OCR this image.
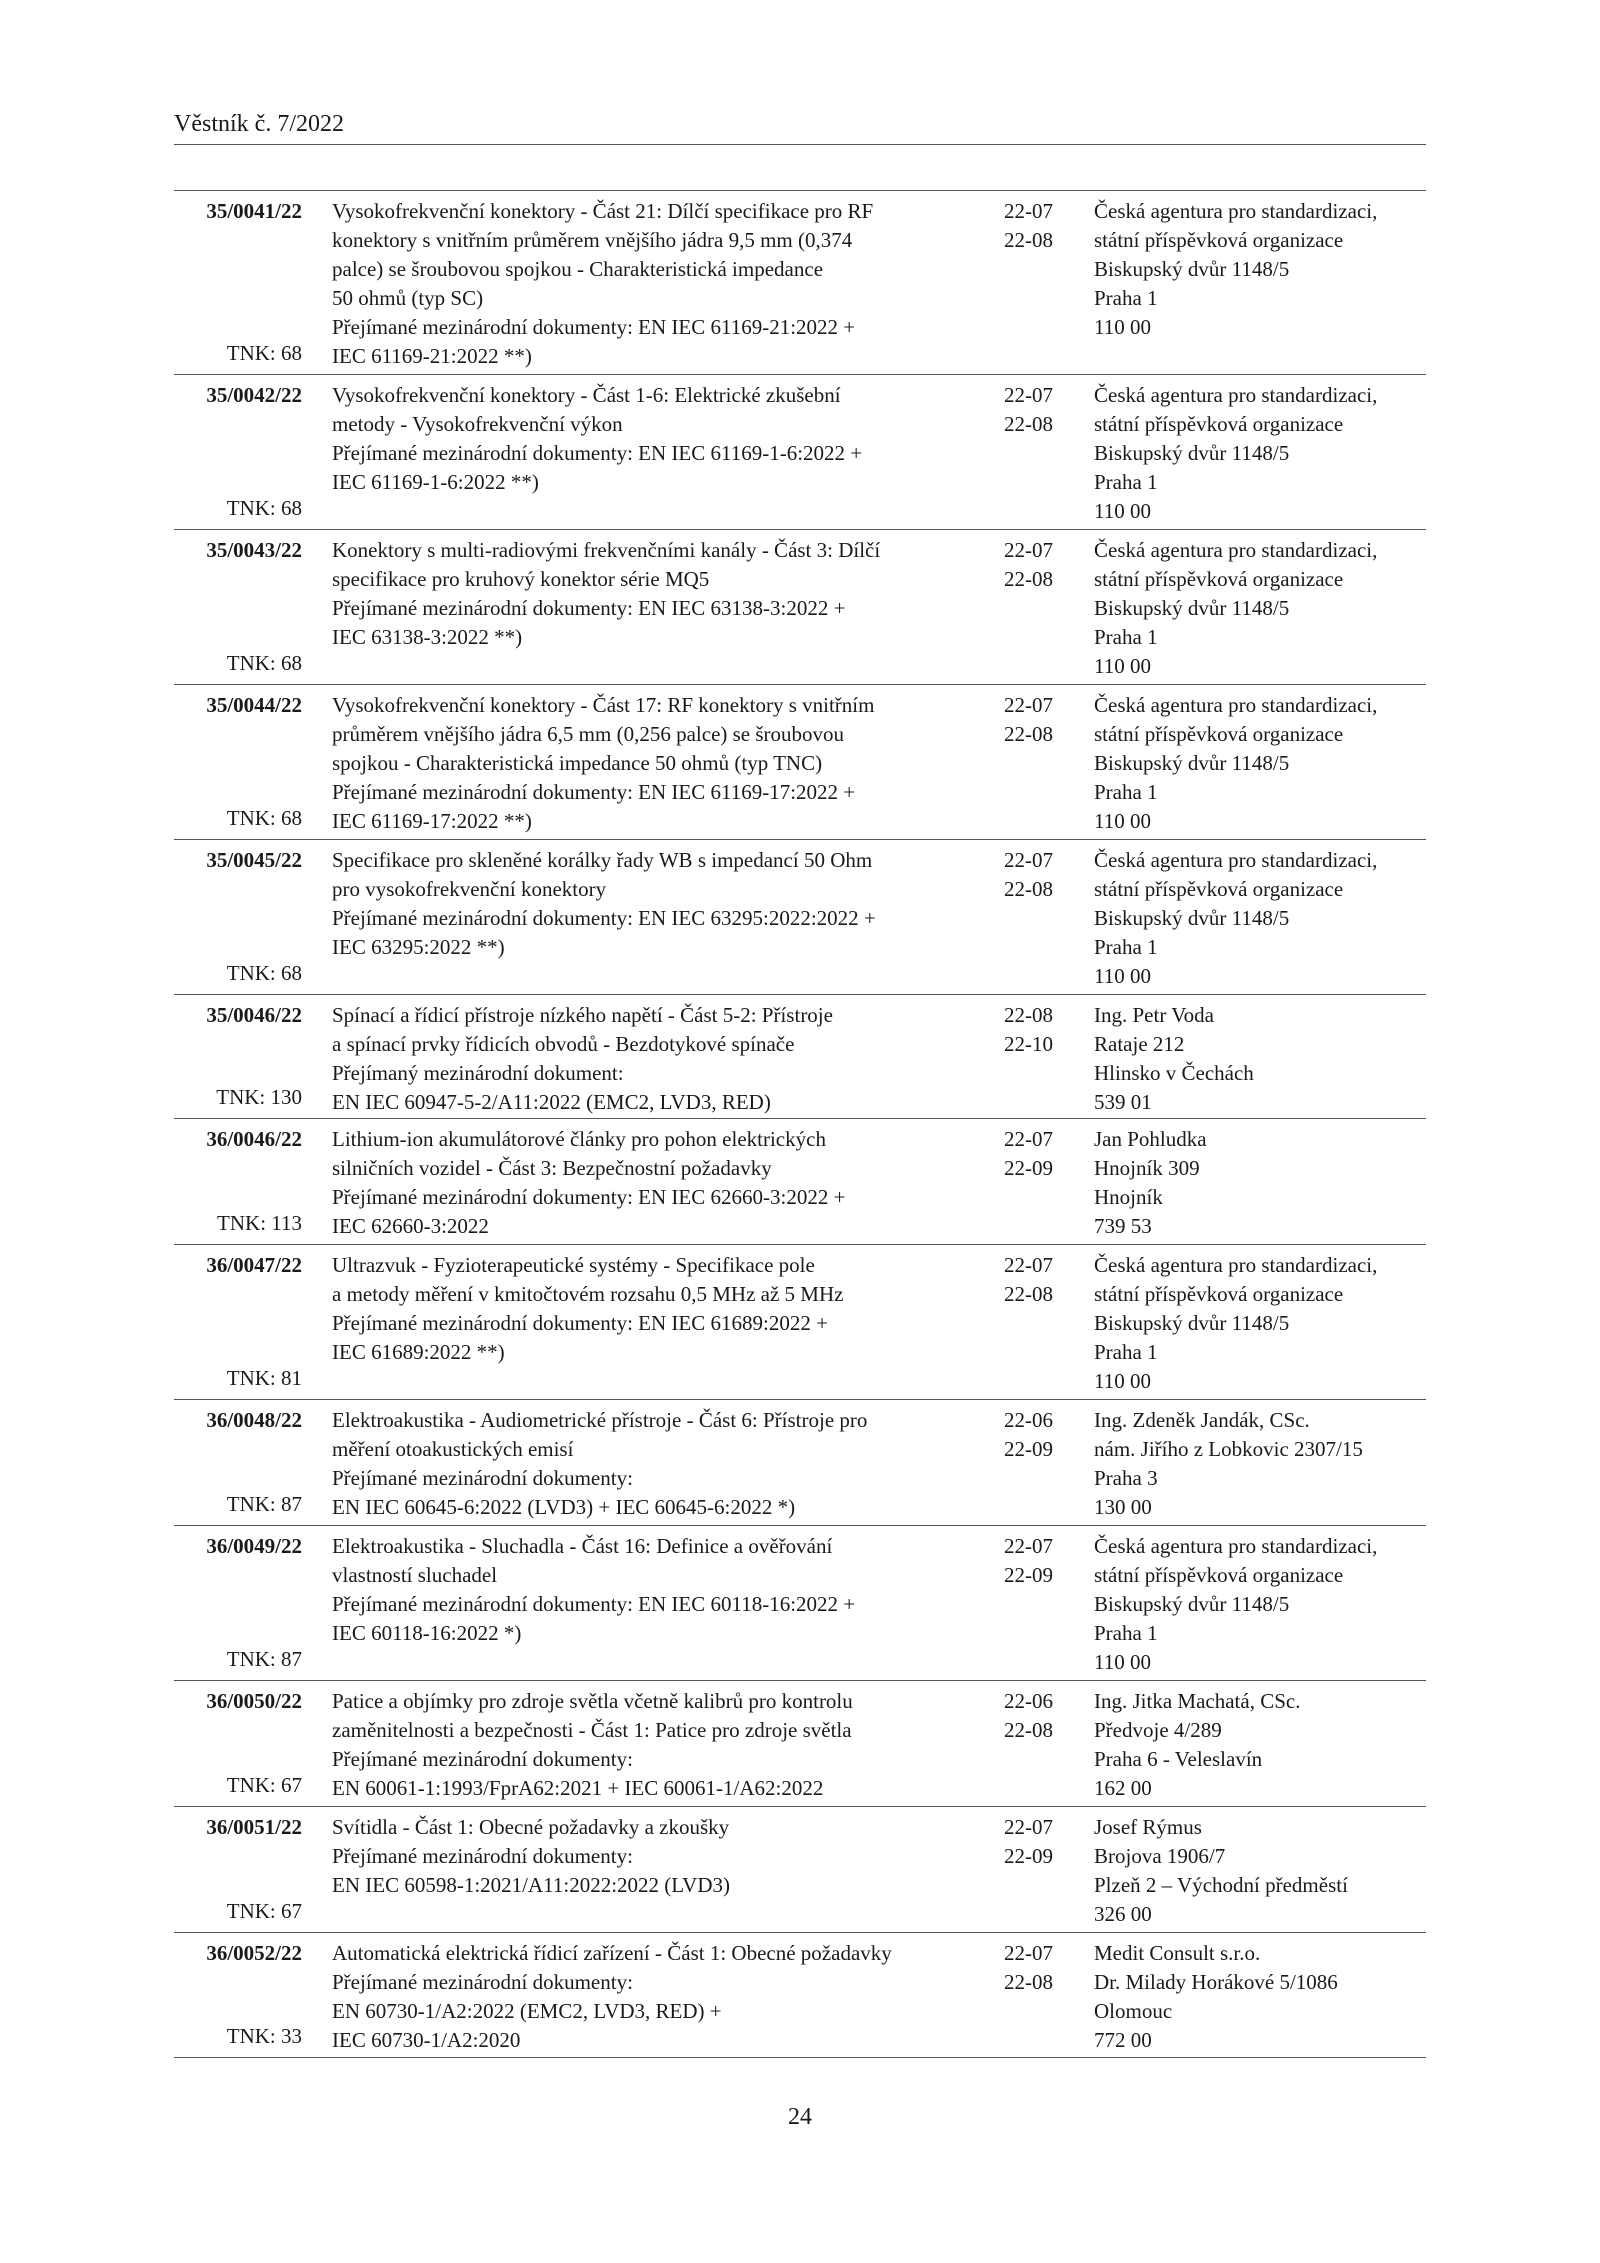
Věstník č. 7/2022
35/0041/22
TNK: 68
Vysokofrekvenční konektory - Část 21: Dílčí specifikace pro RF
konektory s vnitřním průměrem vnějšího jádra 9,5 mm (0,374
palce) se šroubovou spojkou - Charakteristická impedance
50 ohmů (typ SC)
Přejímané mezinárodní dokumenty: EN IEC 61169-21:2022 +
IEC 61169-21:2022 **)
22-07
22-08
Česká agentura pro standardizaci,
státní příspěvková organizace
Biskupský dvůr 1148/5
Praha 1
110 00
35/0042/22
TNK: 68
Vysokofrekvenční konektory - Část 1-6: Elektrické zkušební
metody - Vysokofrekvenční výkon
Přejímané mezinárodní dokumenty: EN IEC 61169-1-6:2022 +
IEC 61169-1-6:2022 **)
22-07
22-08
Česká agentura pro standardizaci,
státní příspěvková organizace
Biskupský dvůr 1148/5
Praha 1
110 00
35/0043/22
TNK: 68
Konektory s multi-radiovými frekvenčními kanály - Část 3: Dílčí
specifikace pro kruhový konektor série MQ5
Přejímané mezinárodní dokumenty: EN IEC 63138-3:2022 +
IEC 63138-3:2022 **)
22-07
22-08
Česká agentura pro standardizaci,
státní příspěvková organizace
Biskupský dvůr 1148/5
Praha 1
110 00
35/0044/22
TNK: 68
Vysokofrekvenční konektory - Část 17: RF konektory s vnitřním
průměrem vnějšího jádra 6,5 mm (0,256 palce) se šroubovou
spojkou - Charakteristická impedance 50 ohmů (typ TNC)
Přejímané mezinárodní dokumenty: EN IEC 61169-17:2022 +
IEC 61169-17:2022 **)
22-07
22-08
Česká agentura pro standardizaci,
státní příspěvková organizace
Biskupský dvůr 1148/5
Praha 1
110 00
35/0045/22
TNK: 68
Specifikace pro skleněné korálky řady WB s impedancí 50 Ohm
pro vysokofrekvenční konektory
Přejímané mezinárodní dokumenty: EN IEC 63295:2022:2022 +
IEC 63295:2022 **)
22-07
22-08
Česká agentura pro standardizaci,
státní příspěvková organizace
Biskupský dvůr 1148/5
Praha 1
110 00
35/0046/22
TNK: 130
Spínací a řídicí přístroje nízkého napětí - Část 5-2: Přístroje
a spínací prvky řídicích obvodů - Bezdotykové spínače
Přejímaný mezinárodní dokument:
EN IEC 60947-5-2/A11:2022 (EMC2, LVD3, RED)
22-08
22-10
Ing. Petr Voda
Rataje 212
Hlinsko v Čechách
539 01
36/0046/22
TNK: 113
Lithium-ion akumulátorové články pro pohon elektrických
silničních vozidel - Část 3: Bezpečnostní požadavky
Přejímané mezinárodní dokumenty: EN IEC 62660-3:2022 +
IEC 62660-3:2022
22-07
22-09
Jan Pohludka
Hnojník 309
Hnojník
739 53
36/0047/22
TNK: 81
Ultrazvuk - Fyzioterapeutické systémy - Specifikace pole
a metody měření v kmitočtovém rozsahu 0,5 MHz až 5 MHz
Přejímané mezinárodní dokumenty: EN IEC 61689:2022 +
IEC 61689:2022 **)
22-07
22-08
Česká agentura pro standardizaci,
státní příspěvková organizace
Biskupský dvůr 1148/5
Praha 1
110 00
36/0048/22
TNK: 87
Elektroakustika - Audiometrické přístroje - Část 6: Přístroje pro
měření otoakustických emisí
Přejímané mezinárodní dokumenty:
EN IEC 60645-6:2022 (LVD3) + IEC 60645-6:2022 *)
22-06
22-09
Ing. Zdeněk Jandák, CSc.
nám. Jiřího z Lobkovic 2307/15
Praha 3
130 00
36/0049/22
TNK: 87
Elektroakustika - Sluchadla - Část 16: Definice a ověřování
vlastností sluchadel
Přejímané mezinárodní dokumenty: EN IEC 60118-16:2022 +
IEC 60118-16:2022 *)
22-07
22-09
Česká agentura pro standardizaci,
státní příspěvková organizace
Biskupský dvůr 1148/5
Praha 1
110 00
36/0050/22
TNK: 67
Patice a objímky pro zdroje světla včetně kalibrů pro kontrolu
zaměnitelnosti a bezpečnosti - Část 1: Patice pro zdroje světla
Přejímané mezinárodní dokumenty:
EN 60061-1:1993/FprA62:2021 + IEC 60061-1/A62:2022
22-06
22-08
Ing. Jitka Machatá, CSc.
Předvoje 4/289
Praha 6 - Veleslavín
162 00
36/0051/22
TNK: 67
Svítidla - Část 1: Obecné požadavky a zkoušky
Přejímané mezinárodní dokumenty:
EN IEC 60598-1:2021/A11:2022:2022 (LVD3)
22-07
22-09
Josef Rýmus
Brojova 1906/7
Plzeň 2 – Východní předměstí
326 00
36/0052/22
TNK: 33
Automatická elektrická řídicí zařízení - Část 1: Obecné požadavky
Přejímané mezinárodní dokumenty:
EN 60730-1/A2:2022 (EMC2, LVD3, RED) +
IEC 60730-1/A2:2020
22-07
22-08
Medit Consult s.r.o.
Dr. Milady Horákové 5/1086
Olomouc
772 00
24
